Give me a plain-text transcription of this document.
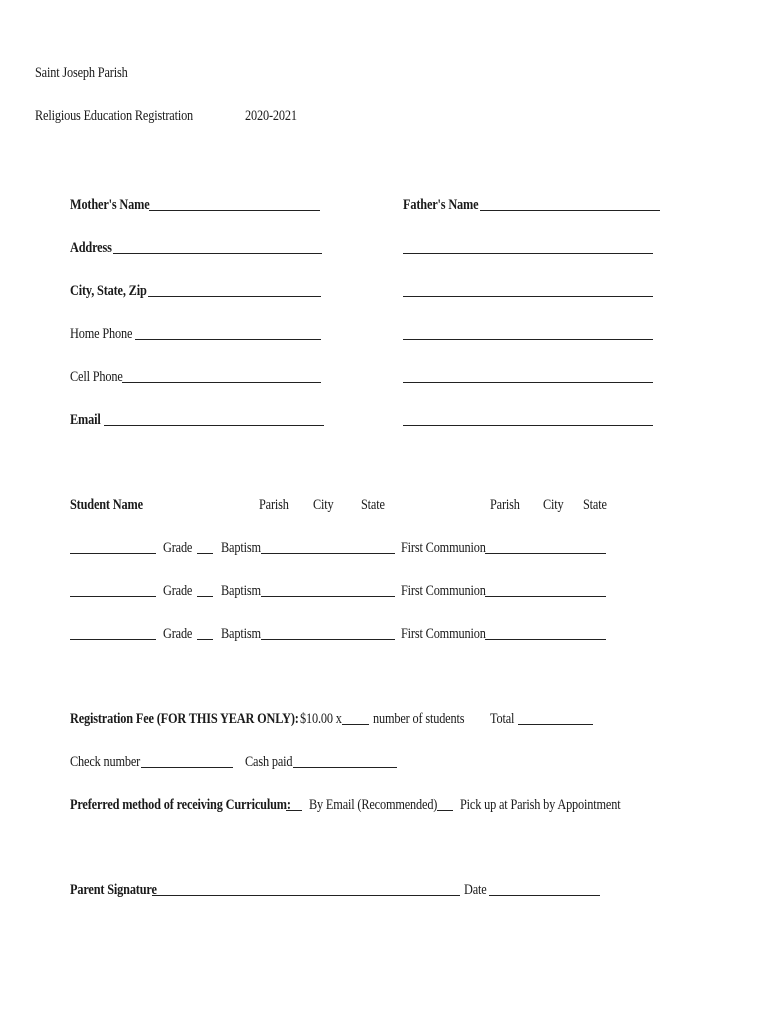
Saint Joseph Parish
Religious Education Registration	2020-2021
Mother's Name	Father's Name
Address
City, State, Zip
Home Phone
Cell Phone
Email
Student Name	Parish City State	Parish City State
Grade Baptism	First Communion
Grade Baptism	First Communion
Grade Baptism	First Communion
Registration Fee (FOR THIS YEAR ONLY): $10.00 x number of students Total
Check number	Cash paid
Preferred method of receiving Curriculum: By Email (Recommended) Pick up at Parish by Appointment
Parent Signature	Date
